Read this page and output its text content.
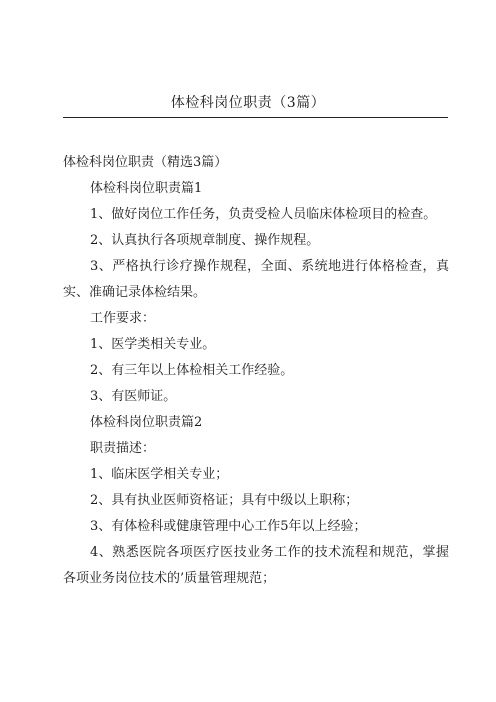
体检科岗位职责（3篇）

体检科岗位职责（精选3篇）

体检科岗位职责篇1

1、做好岗位工作任务，负责受检人员临床体检项目的检查。

2、认真执行各项规章制度、操作规程。

3、严格执行诊疗操作规程，全面、系统地进行体格检查，真实、准确记录体检结果。

工作要求：

1、医学类相关专业。

2、有三年以上体检相关工作经验。

3、有医师证。

体检科岗位职责篇2

职责描述：

1、临床医学相关专业；

2、具有执业医师资格证；具有中级以上职称；

3、有体检科或健康管理中心工作5年以上经验；

4、熟悉医院各项医疗医技业务工作的技术流程和规范，掌握各项业务岗位技术的’质量管理规范；
